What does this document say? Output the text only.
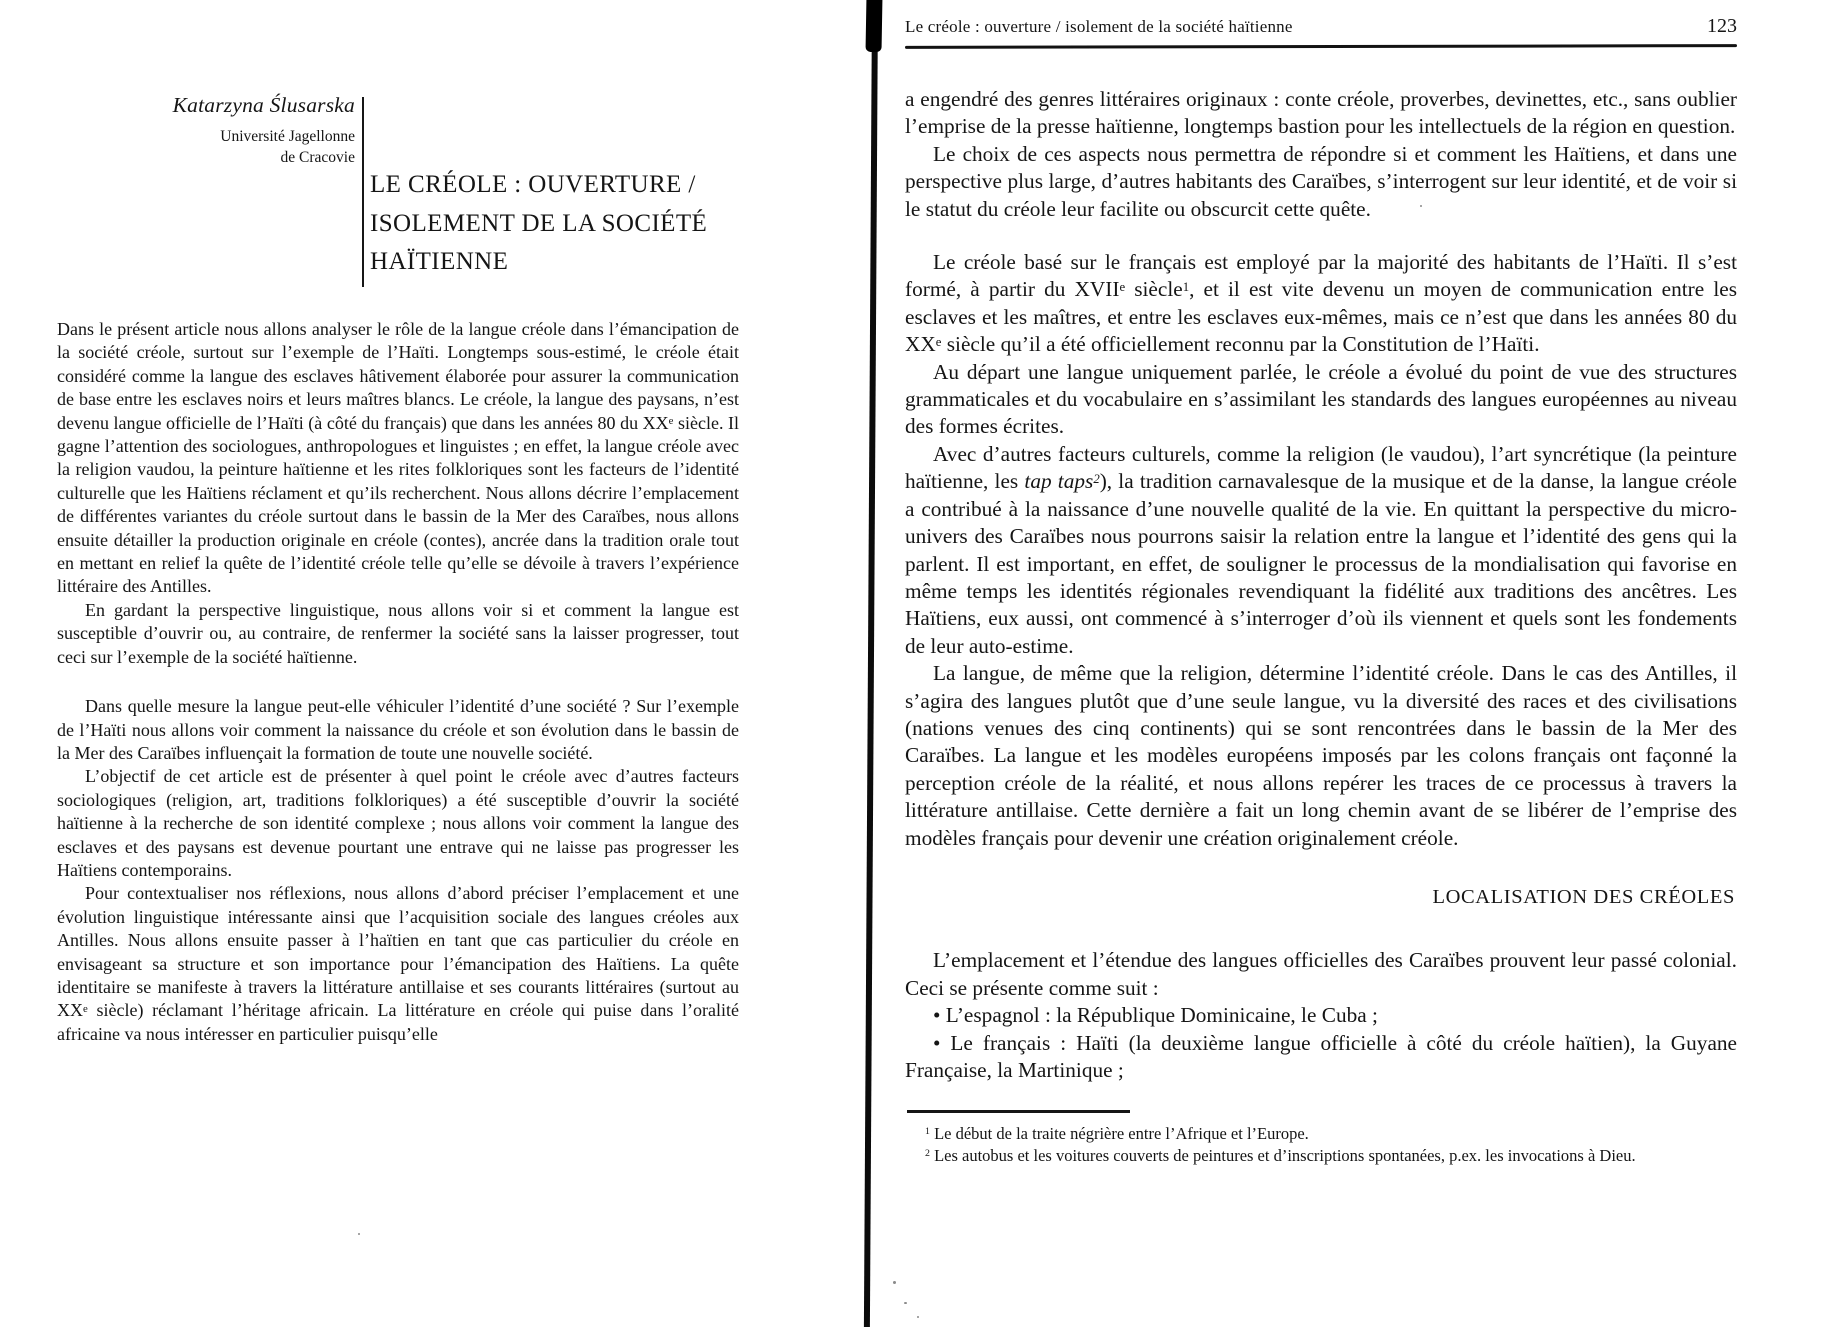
Katarzyna Ślusarska
Université Jagellonne
de Cracovie
LE CRÉOLE : OUVERTURE /
ISOLEMENT DE LA SOCIÉTÉ
HAÏTIENNE

Dans le présent article nous allons analyser le rôle de la langue créole dans l’émancipation de la société créole, surtout sur l’exemple de l’Haïti. Longtemps sous-estimé, le créole était considéré comme la langue des esclaves hâtivement élaborée pour assurer la communication de base entre les esclaves noirs et leurs maîtres blancs. Le créole, la langue des paysans, n’est devenu langue officielle de l’Haïti (à côté du français) que dans les années 80 du XXe siècle. Il gagne l’attention des sociologues, anthropologues et linguistes ; en effet, la langue créole avec la religion vaudou, la peinture haïtienne et les rites folkloriques sont les facteurs de l’identité culturelle que les Haïtiens réclament et qu’ils recherchent. Nous allons décrire l’emplacement de différentes variantes du créole surtout dans le bassin de la Mer des Caraïbes, nous allons ensuite détailler la production originale en créole (contes), ancrée dans la tradition orale tout en mettant en relief la quête de l’identité créole telle qu’elle se dévoile à travers l’expérience littéraire des Antilles.

En gardant la perspective linguistique, nous allons voir si et comment la langue est susceptible d’ouvrir ou, au contraire, de renfermer la société sans la laisser progresser, tout ceci sur l’exemple de la société haïtienne.

Dans quelle mesure la langue peut-elle véhiculer l’identité d’une société ? Sur l’exemple de l’Haïti nous allons voir comment la naissance du créole et son évolution dans le bassin de la Mer des Caraïbes influençait la formation de toute une nouvelle société.

L’objectif de cet article est de présenter à quel point le créole avec d’autres facteurs sociologiques (religion, art, traditions folkloriques) a été susceptible d’ouvrir la société haïtienne à la recherche de son identité complexe ; nous allons voir comment la langue des esclaves et des paysans est devenue pourtant une entrave qui ne laisse pas progresser les Haïtiens contemporains.

Pour contextualiser nos réflexions, nous allons d’abord préciser l’emplacement et une évolution linguistique intéressante ainsi que l’acquisition sociale des langues créoles aux Antilles. Nous allons ensuite passer à l’haïtien en tant que cas particulier du créole en envisageant sa structure et son importance pour l’émancipation des Haïtiens. La quête identitaire se manifeste à travers la littérature antillaise et ses courants littéraires (surtout au XXe siècle) réclamant l’héritage africain. La littérature en créole qui puise dans l’oralité africaine va nous intéresser en particulier puisqu’elle

Le créole : ouverture / isolement de la société haïtienne	123

a engendré des genres littéraires originaux : conte créole, proverbes, devinettes, etc., sans oublier l’emprise de la presse haïtienne, longtemps bastion pour les intellectuels de la région en question.

Le choix de ces aspects nous permettra de répondre si et comment les Haïtiens, et dans une perspective plus large, d’autres habitants des Caraïbes, s’interrogent sur leur identité, et de voir si le statut du créole leur facilite ou obscurcit cette quête.

Le créole basé sur le français est employé par la majorité des habitants de l’Haïti. Il s’est formé, à partir du XVIIe siècle$^1$, et il est vite devenu un moyen de communication entre les esclaves et les maîtres, et entre les esclaves eux-mêmes, mais ce n’est que dans les années 80 du XXe siècle qu’il a été officiellement reconnu par la Constitution de l’Haïti.

Au départ une langue uniquement parlée, le créole a évolué du point de vue des structures grammaticales et du vocabulaire en s’assimilant les standards des langues européennes au niveau des formes écrites.

Avec d’autres facteurs culturels, comme la religion (le vaudou), l’art syncrétique (la peinture haïtienne, les tap taps$^2$), la tradition carnavalesque de la musique et de la danse, la langue créole a contribué à la naissance d’une nouvelle qualité de la vie. En quittant la perspective du micro-univers des Caraïbes nous pourrons saisir la relation entre la langue et l’identité des gens qui la parlent. Il est important, en effet, de souligner le processus de la mondialisation qui favorise en même temps les identités régionales revendiquant la fidélité aux traditions des ancêtres. Les Haïtiens, eux aussi, ont commencé à s’interroger d’où ils viennent et quels sont les fondements de leur auto-estime.

La langue, de même que la religion, détermine l’identité créole. Dans le cas des Antilles, il s’agira des langues plutôt que d’une seule langue, vu la diversité des races et des civilisations (nations venues des cinq continents) qui se sont rencontrées dans le bassin de la Mer des Caraïbes. La langue et les modèles européens imposés par les colons français ont façonné la perception créole de la réalité, et nous allons repérer les traces de ce processus à travers la littérature antillaise. Cette dernière a fait un long chemin avant de se libérer de l’emprise des modèles français pour devenir une création originalement créole.

LOCALISATION DES CRÉOLES

L’emplacement et l’étendue des langues officielles des Caraïbes prouvent leur passé colonial. Ceci se présente comme suit :

• L’espagnol : la République Dominicaine, le Cuba ;

• Le français : Haïti (la deuxième langue officielle à côté du créole haïtien), la Guyane Française, la Martinique ;

$^1$ Le début de la traite négrière entre l’Afrique et l’Europe.

$^2$ Les autobus et les voitures couverts de peintures et d’inscriptions spontanées, p.ex. les invocations à Dieu.
